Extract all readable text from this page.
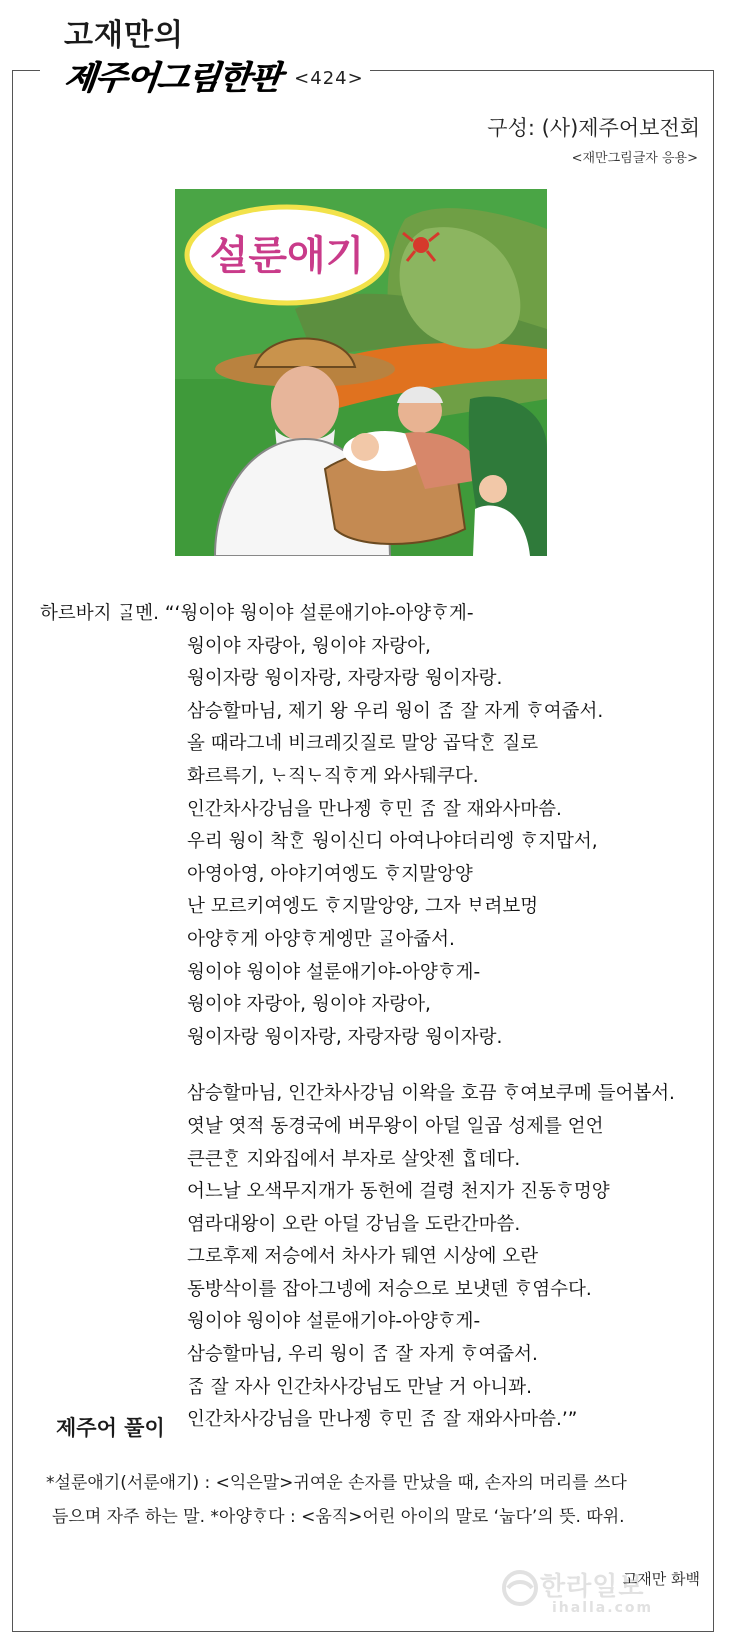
고재만의
제주어그림한판 <424>
구성: (사)제주어보전회
<재만그림글자 응용>
설룬애기
하르바지 ᄀᆞᆯ멘. “‘웡이야 웡이야 설룬애기야-아양ᄒᆞ게-
웡이야 자랑아, 웡이야 자랑아,
웡이자랑 웡이자랑, 자랑자랑 웡이자랑.
삼승할마님, 제기 왕 우리 웡이 ᄌᆞᆷ 잘 자게 ᄒᆞ여줍서.
올 때라그네 비크레깃질로 말앙 곱닥ᄒᆞᆫ 질로
화르륵기, ᄂᆞ직ᄂᆞ직ᄒᆞ게 와사뒈쿠다.
인간차사강님을 만나젱 ᄒᆞ민 ᄌᆞᆷ 잘 재와사마씀.
우리 웡이 착ᄒᆞᆫ 웡이신디 아여나야더리엥 ᄒᆞ지맙서,
아영아영, 아야기여엥도 ᄒᆞ지말앙양
난 모르키여엥도 ᄒᆞ지말앙양, 그자 ᄇᆞ려보멍
아양ᄒᆞ게 아양ᄒᆞ게엥만 ᄀᆞᆯ아줍서.
웡이야 웡이야 설룬애기야-아양ᄒᆞ게-
웡이야 자랑아, 웡이야 자랑아,
웡이자랑 웡이자랑, 자랑자랑 웡이자랑.
삼승할마님, 인간차사강님 이왁을 호끔 ᄒᆞ여보쿠메 들어봅서.
엿날 엿적 동경국에 버무왕이 아덜 일곱 성제를 얻언
큰큰ᄒᆞᆫ 지와집에서 부자로 살앗젠 ᄒᆞᆸ데다.
어느날 오색무지개가 동헌에 걸령 천지가 진동ᄒᆞ멍양
염라대왕이 오란 아덜 강님을 도란간마씀.
그로후제 저승에서 차사가 뒈연 시상에 오란
동방삭이를 잡아그넹에 저승으로 보냇덴 ᄒᆞ염수다.
웡이야 웡이야 설룬애기야-아양ᄒᆞ게-
삼승할마님, 우리 웡이 ᄌᆞᆷ 잘 자게 ᄒᆞ여줍서.
ᄌᆞᆷ 잘 자사 인간차사강님도 만날 거 아니꽈.
인간차사강님을 만나젱 ᄒᆞ민 ᄌᆞᆷ 잘 재와사마씀.’”
제주어 풀이
*설룬애기(서룬애기) : <익은말>귀여운 손자를 만났을 때, 손자의 머리를 쓰다
듬으며 자주 하는 말. *아양ᄒᆞ다 : <움직>어린 아이의 말로 ‘눕다’의 뜻. 따위.
한라일보
ihalla.com
고재만 화백
